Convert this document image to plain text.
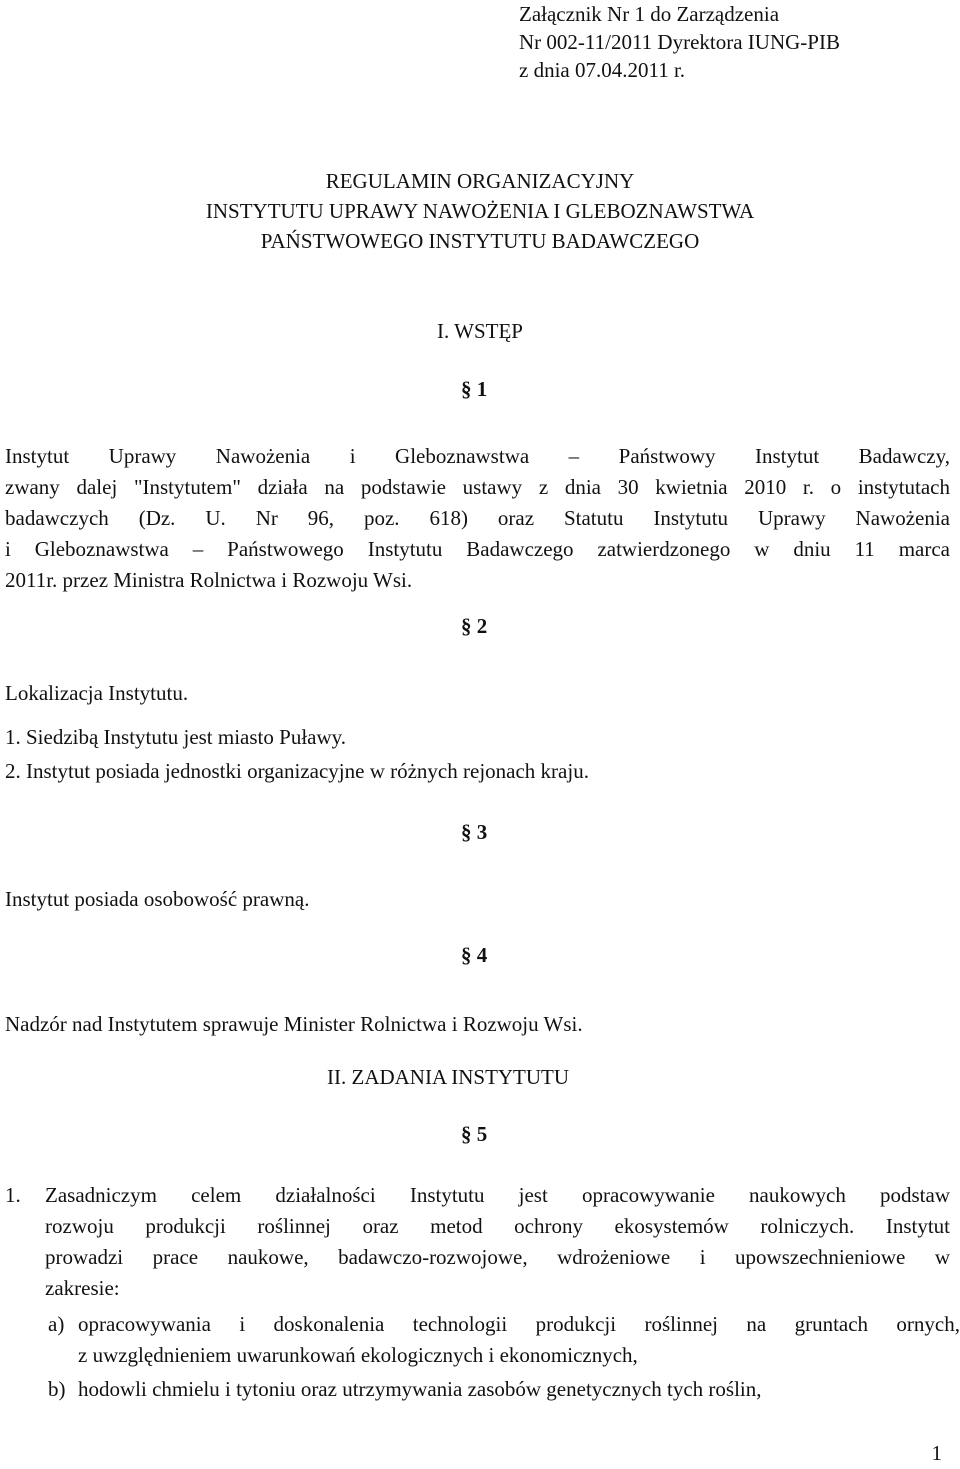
Załącznik Nr 1 do Zarządzenia
Nr 002-11/2011 Dyrektora IUNG-PIB
z dnia 07.04.2011 r.
REGULAMIN ORGANIZACYJNY
INSTYTUTU UPRAWY NAWOŻENIA I GLEBOZNAWSTWA
PAŃSTWOWEGO INSTYTUTU BADAWCZEGO
I. WSTĘP
§ 1
Instytut Uprawy Nawożenia i Gleboznawstwa – Państwowy Instytut Badawczy,
zwany dalej "Instytutem" działa na podstawie ustawy z dnia 30 kwietnia 2010 r. o instytutach
badawczych (Dz. U. Nr 96, poz. 618) oraz Statutu Instytutu Uprawy Nawożenia
i Gleboznawstwa – Państwowego Instytutu Badawczego zatwierdzonego w dniu 11 marca
2011r. przez Ministra Rolnictwa i Rozwoju Wsi.
§ 2
Lokalizacja Instytutu.
1. Siedzibą Instytutu jest miasto Puławy.
2. Instytut posiada jednostki organizacyjne w różnych rejonach kraju.
§ 3
Instytut posiada osobowość prawną.
§ 4
Nadzór nad Instytutem sprawuje Minister Rolnictwa i Rozwoju Wsi.
II. ZADANIA INSTYTUTU
§ 5
1.	Zasadniczym celem działalności Instytutu jest opracowywanie naukowych podstaw
rozwoju produkcji roślinnej oraz metod ochrony ekosystemów rolniczych. Instytut
prowadzi prace naukowe, badawczo-rozwojowe, wdrożeniowe i upowszechnieniowe w
zakresie:
a) opracowywania i doskonalenia technologii produkcji roślinnej na gruntach ornych,
z uwzględnieniem uwarunkowań ekologicznych i ekonomicznych,
b) hodowli chmielu i tytoniu oraz utrzymywania zasobów genetycznych tych roślin,
1
